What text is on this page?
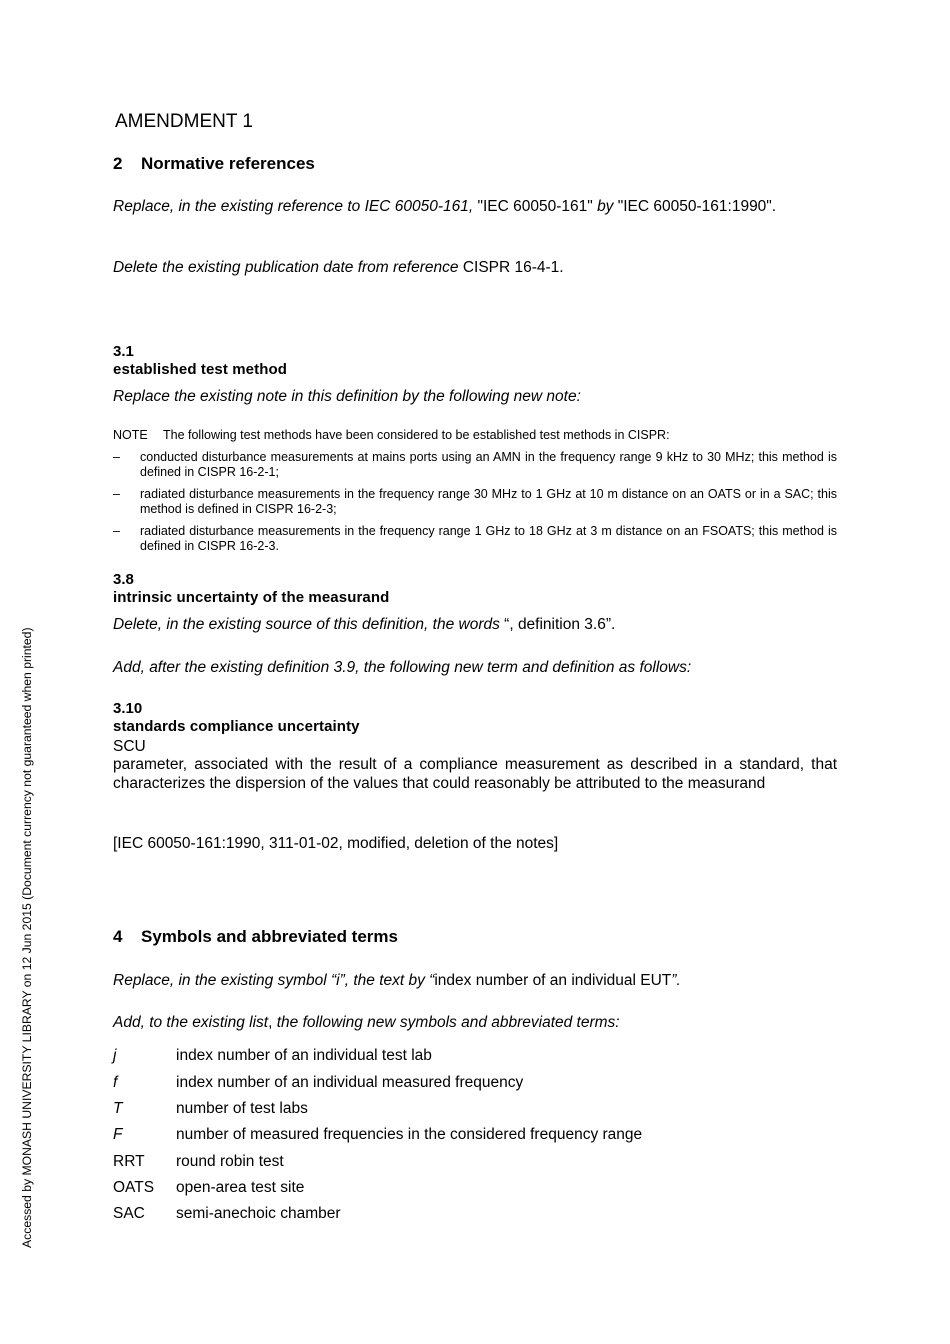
AMENDMENT 1
2 Normative references
Replace, in the existing reference to IEC 60050-161, "IEC 60050-161" by "IEC 60050-161:1990".
Delete the existing publication date from reference CISPR 16-4-1.
3.1
established test method
Replace the existing note in this definition by the following new note:
NOTE The following test methods have been considered to be established test methods in CISPR:
– conducted disturbance measurements at mains ports using an AMN in the frequency range 9 kHz to 30 MHz; this method is defined in CISPR 16-2-1;
– radiated disturbance measurements in the frequency range 30 MHz to 1 GHz at 10 m distance on an OATS or in a SAC; this method is defined in CISPR 16-2-3;
– radiated disturbance measurements in the frequency range 1 GHz to 18 GHz at 3 m distance on an FSOATS; this method is defined in CISPR 16-2-3.
3.8
intrinsic uncertainty of the measurand
Delete, in the existing source of this definition, the words “, definition 3.6”.
Add, after the existing definition 3.9, the following new term and definition as follows:
3.10
standards compliance uncertainty
SCU
parameter, associated with the result of a compliance measurement as described in a standard, that characterizes the dispersion of the values that could reasonably be attributed to the measurand
[IEC 60050-161:1990, 311-01-02, modified, deletion of the notes]
4 Symbols and abbreviated terms
Replace, in the existing symbol “i”, the text by “index number of an individual EUT”.
Add, to the existing list, the following new symbols and abbreviated terms:
j	index number of an individual test lab
f	index number of an individual measured frequency
T	number of test labs
F	number of measured frequencies in the considered frequency range
RRT	round robin test
OATS	open-area test site
SAC	semi-anechoic chamber
Accessed by MONASH UNIVERSITY LIBRARY on 12 Jun 2015 (Document currency not guaranteed when printed)
